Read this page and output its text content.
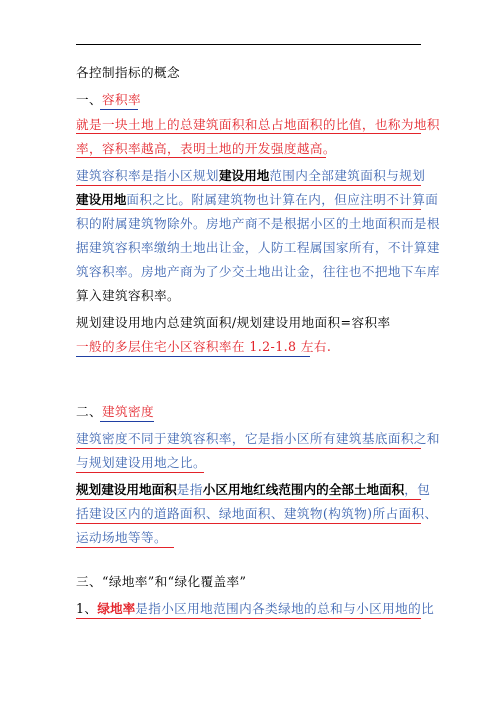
各控制指标的概念
一、容积率
就是一块土地上的总建筑面积和总占地面积的比值，也称为地积
率，容积率越高，表明土地的开发强度越高。
建筑容积率是指小区规划建设用地范围内全部建筑面积与规划
建设用地面积之比。附属建筑物也计算在内，但应注明不计算面
积的附属建筑物除外。房地产商不是根据小区的土地面积而是根
据建筑容积率缴纳土地出让金，人防工程属国家所有，不计算建
筑容积率。房地产商为了少交土地出让金，往往也不把地下车库
算入建筑容积率。
规划建设用地内总建筑面积/规划建设用地面积=容积率
一般的多层住宅小区容积率在 1.2-1.8 左右.
二、建筑密度
建筑密度不同于建筑容积率，它是指小区所有建筑基底面积之和
与规划建设用地之比。
规划建设用地面积是指小区用地红线范围内的全部土地面积，包
括建设区内的道路面积、绿地面积、建筑物(构筑物)所占面积、
运动场地等等。
三、“绿地率”和“绿化覆盖率”
1、绿地率是指小区用地范围内各类绿地的总和与小区用地的比
